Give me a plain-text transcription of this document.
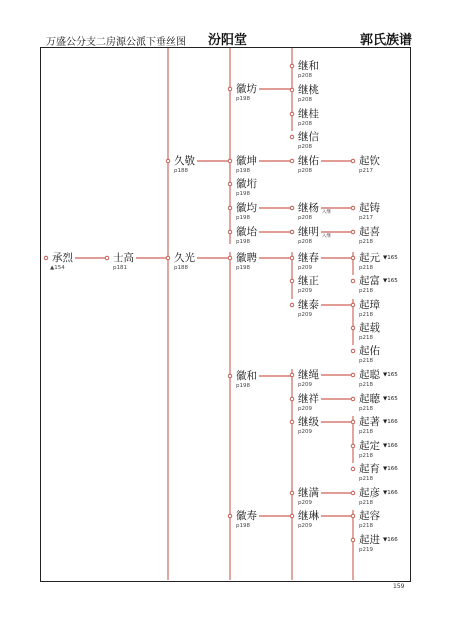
万盛公分支二房源公派下垂丝图 汾阳堂	郭氏族谱
承烈
▲154
士高
p181
久敬
p188
久光
p188
徽坊
p198
徽坤
p198
徽垳
p198
徽均
p198
徽坮
p198
徽聘
p198
徽和
p198
徽寿
p198
继和
p208
继桃
p208
继桂
p208
继信
p208
继佑
p208
继杨
p208
入继
继明
p208
入继
继春
p209
继正
p209
继泰
p209
继绳
p209
继祥
p209
继级
p209
继满
p209
继琳
p209
起钦
p217
起铸
p217
起喜
p218
起元
p218
▼165
起富
p218
▼165
起璋
p218
起载
p218
起佑
p218
起聪
p218
▼165
起聴
p218
▼165
起著
p218
▼166
起定
p218
▼166
起育
p218
▼166
起彦
p218
▼166
起容
p218
起进
p219
▼166
159
